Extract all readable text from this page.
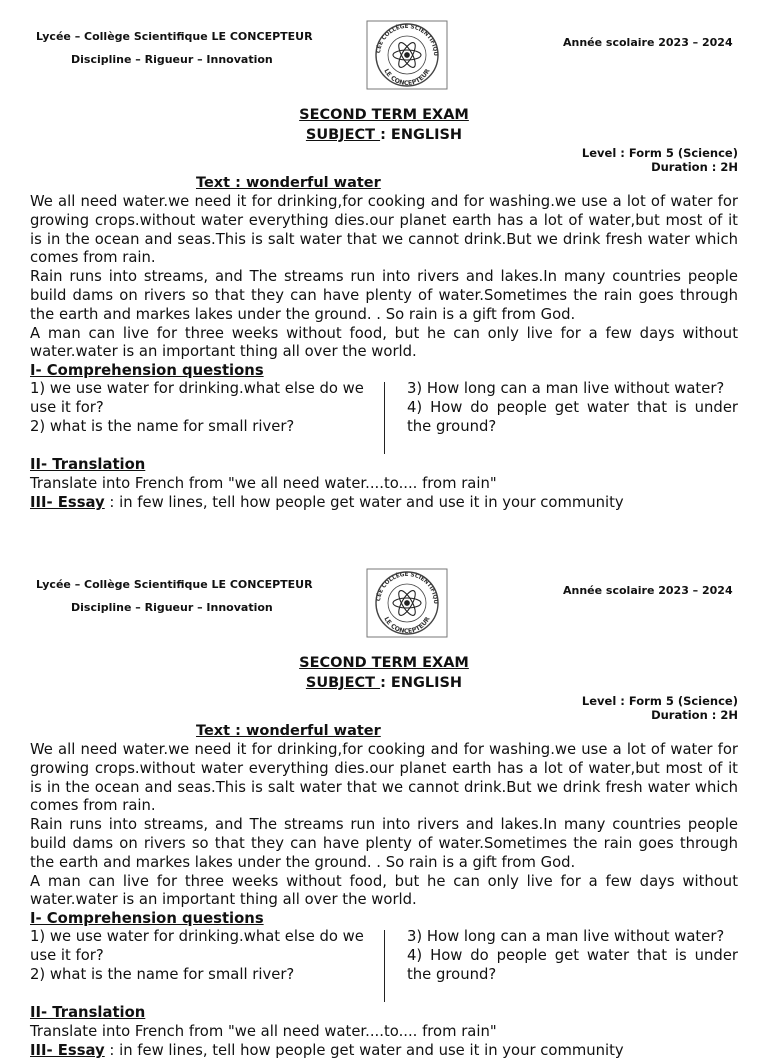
Lycée – Collège Scientifique LE CONCEPTEUR
Discipline – Rigueur – Innovation
Année scolaire 2023 – 2024
CÉE COLLÈGE SCIENTIFIQU
LE CONCEPTEUR
SECOND TERM EXAM
SUBJECT : ENGLISH
Level : Form 5 (Science)
Duration : 2H
Text : wonderful water

We all need water.we need it for drinking,for cooking and for washing.we use a lot of water for growing crops.without water everything dies.our planet earth has a lot of water,but most of it is in the ocean and seas.This is salt water that we cannot drink.But we drink fresh water which comes from rain.

Rain runs into streams, and The streams run into rivers and lakes.In many countries people build dams on rivers so that they can have plenty of water.Sometimes the rain goes through the earth and markes lakes under the ground. . So rain is a gift from God.

A man can live for three weeks without food, but he can only live for a few days without water.water is an important thing all over the world.

I- Comprehension questions

1) we use water for drinking.what else do we use it for?

2) what is the name for small river?

3) How long can a man live without water?

4) How do people get water that is under the ground?

II- Translation
Translate into French from "we all need water....to.... from rain"
III- Essay : in few lines, tell how people get water and use it in your community
Lycée – Collège Scientifique LE CONCEPTEUR
Discipline – Rigueur – Innovation
Année scolaire 2023 – 2024
CÉE COLLÈGE SCIENTIFIQU
LE CONCEPTEUR
SECOND TERM EXAM
SUBJECT : ENGLISH
Level : Form 5 (Science)
Duration : 2H
Text : wonderful water

We all need water.we need it for drinking,for cooking and for washing.we use a lot of water for growing crops.without water everything dies.our planet earth has a lot of water,but most of it is in the ocean and seas.This is salt water that we cannot drink.But we drink fresh water which comes from rain.

Rain runs into streams, and The streams run into rivers and lakes.In many countries people build dams on rivers so that they can have plenty of water.Sometimes the rain goes through the earth and markes lakes under the ground. . So rain is a gift from God.

A man can live for three weeks without food, but he can only live for a few days without water.water is an important thing all over the world.

I- Comprehension questions

1) we use water for drinking.what else do we use it for?

2) what is the name for small river?

3) How long can a man live without water?

4) How do people get water that is under the ground?

II- Translation
Translate into French from "we all need water....to.... from rain"
III- Essay : in few lines, tell how people get water and use it in your community
